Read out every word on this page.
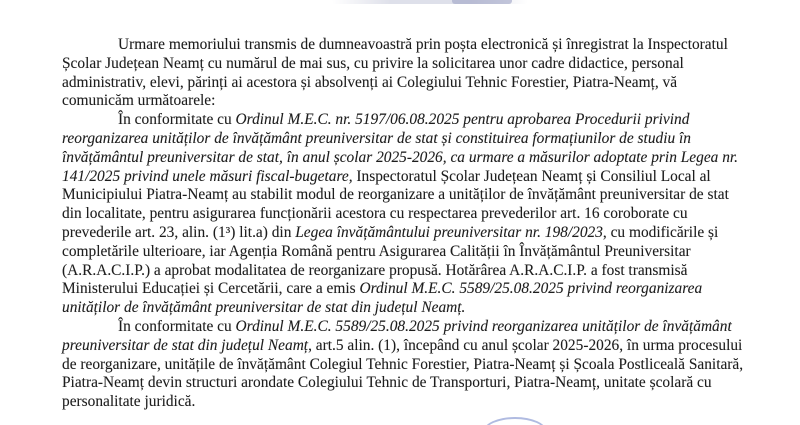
Urmare memoriului transmis de dumneavoastră prin poșta electronică și înregistrat la Inspectoratul
Școlar Județean Neamț cu numărul de mai sus, cu privire la solicitarea unor cadre didactice, personal
administrativ, elevi, părinți ai acestora și absolvenți ai Colegiului Tehnic Forestier, Piatra-Neamț, vă
comunicăm următoarele:
În conformitate cu Ordinul M.E.C. nr. 5197/06.08.2025 pentru aprobarea Procedurii privind
reorganizarea unităților de învățământ preuniversitar de stat și constituirea formațiunilor de studiu în
învățământul preuniversitar de stat, în anul școlar 2025-2026, ca urmare a măsurilor adoptate prin Legea nr.
141/2025 privind unele măsuri fiscal-bugetare, Inspectoratul Școlar Județean Neamț și Consiliul Local al
Municipiului Piatra-Neamț au stabilit modul de reorganizare a unităților de învățământ preuniversitar de stat
din localitate, pentru asigurarea funcționării acestora cu respectarea prevederilor art. 16 coroborate cu
prevederile art. 23, alin. (1³) lit.a) din Legea învățământului preuniversitar nr. 198/2023, cu modificările și
completările ulterioare, iar Agenția Română pentru Asigurarea Calității în Învățământul Preuniversitar
(A.R.A.C.I.P.) a aprobat modalitatea de reorganizare propusă. Hotărârea A.R.A.C.I.P. a fost transmisă
Ministerului Educației și Cercetării, care a emis Ordinul M.E.C. 5589/25.08.2025 privind reorganizarea
unităților de învățământ preuniversitar de stat din județul Neamț.
În conformitate cu Ordinul M.E.C. 5589/25.08.2025 privind reorganizarea unităților de învățământ
preuniversitar de stat din județul Neamț, art.5 alin. (1), începând cu anul școlar 2025-2026, în urma procesului
de reorganizare, unitățile de învățământ Colegiul Tehnic Forestier, Piatra-Neamț și Școala Postliceală Sanitară,
Piatra-Neamț devin structuri arondate Colegiului Tehnic de Transporturi, Piatra-Neamț, unitate școlară cu
personalitate juridică.
